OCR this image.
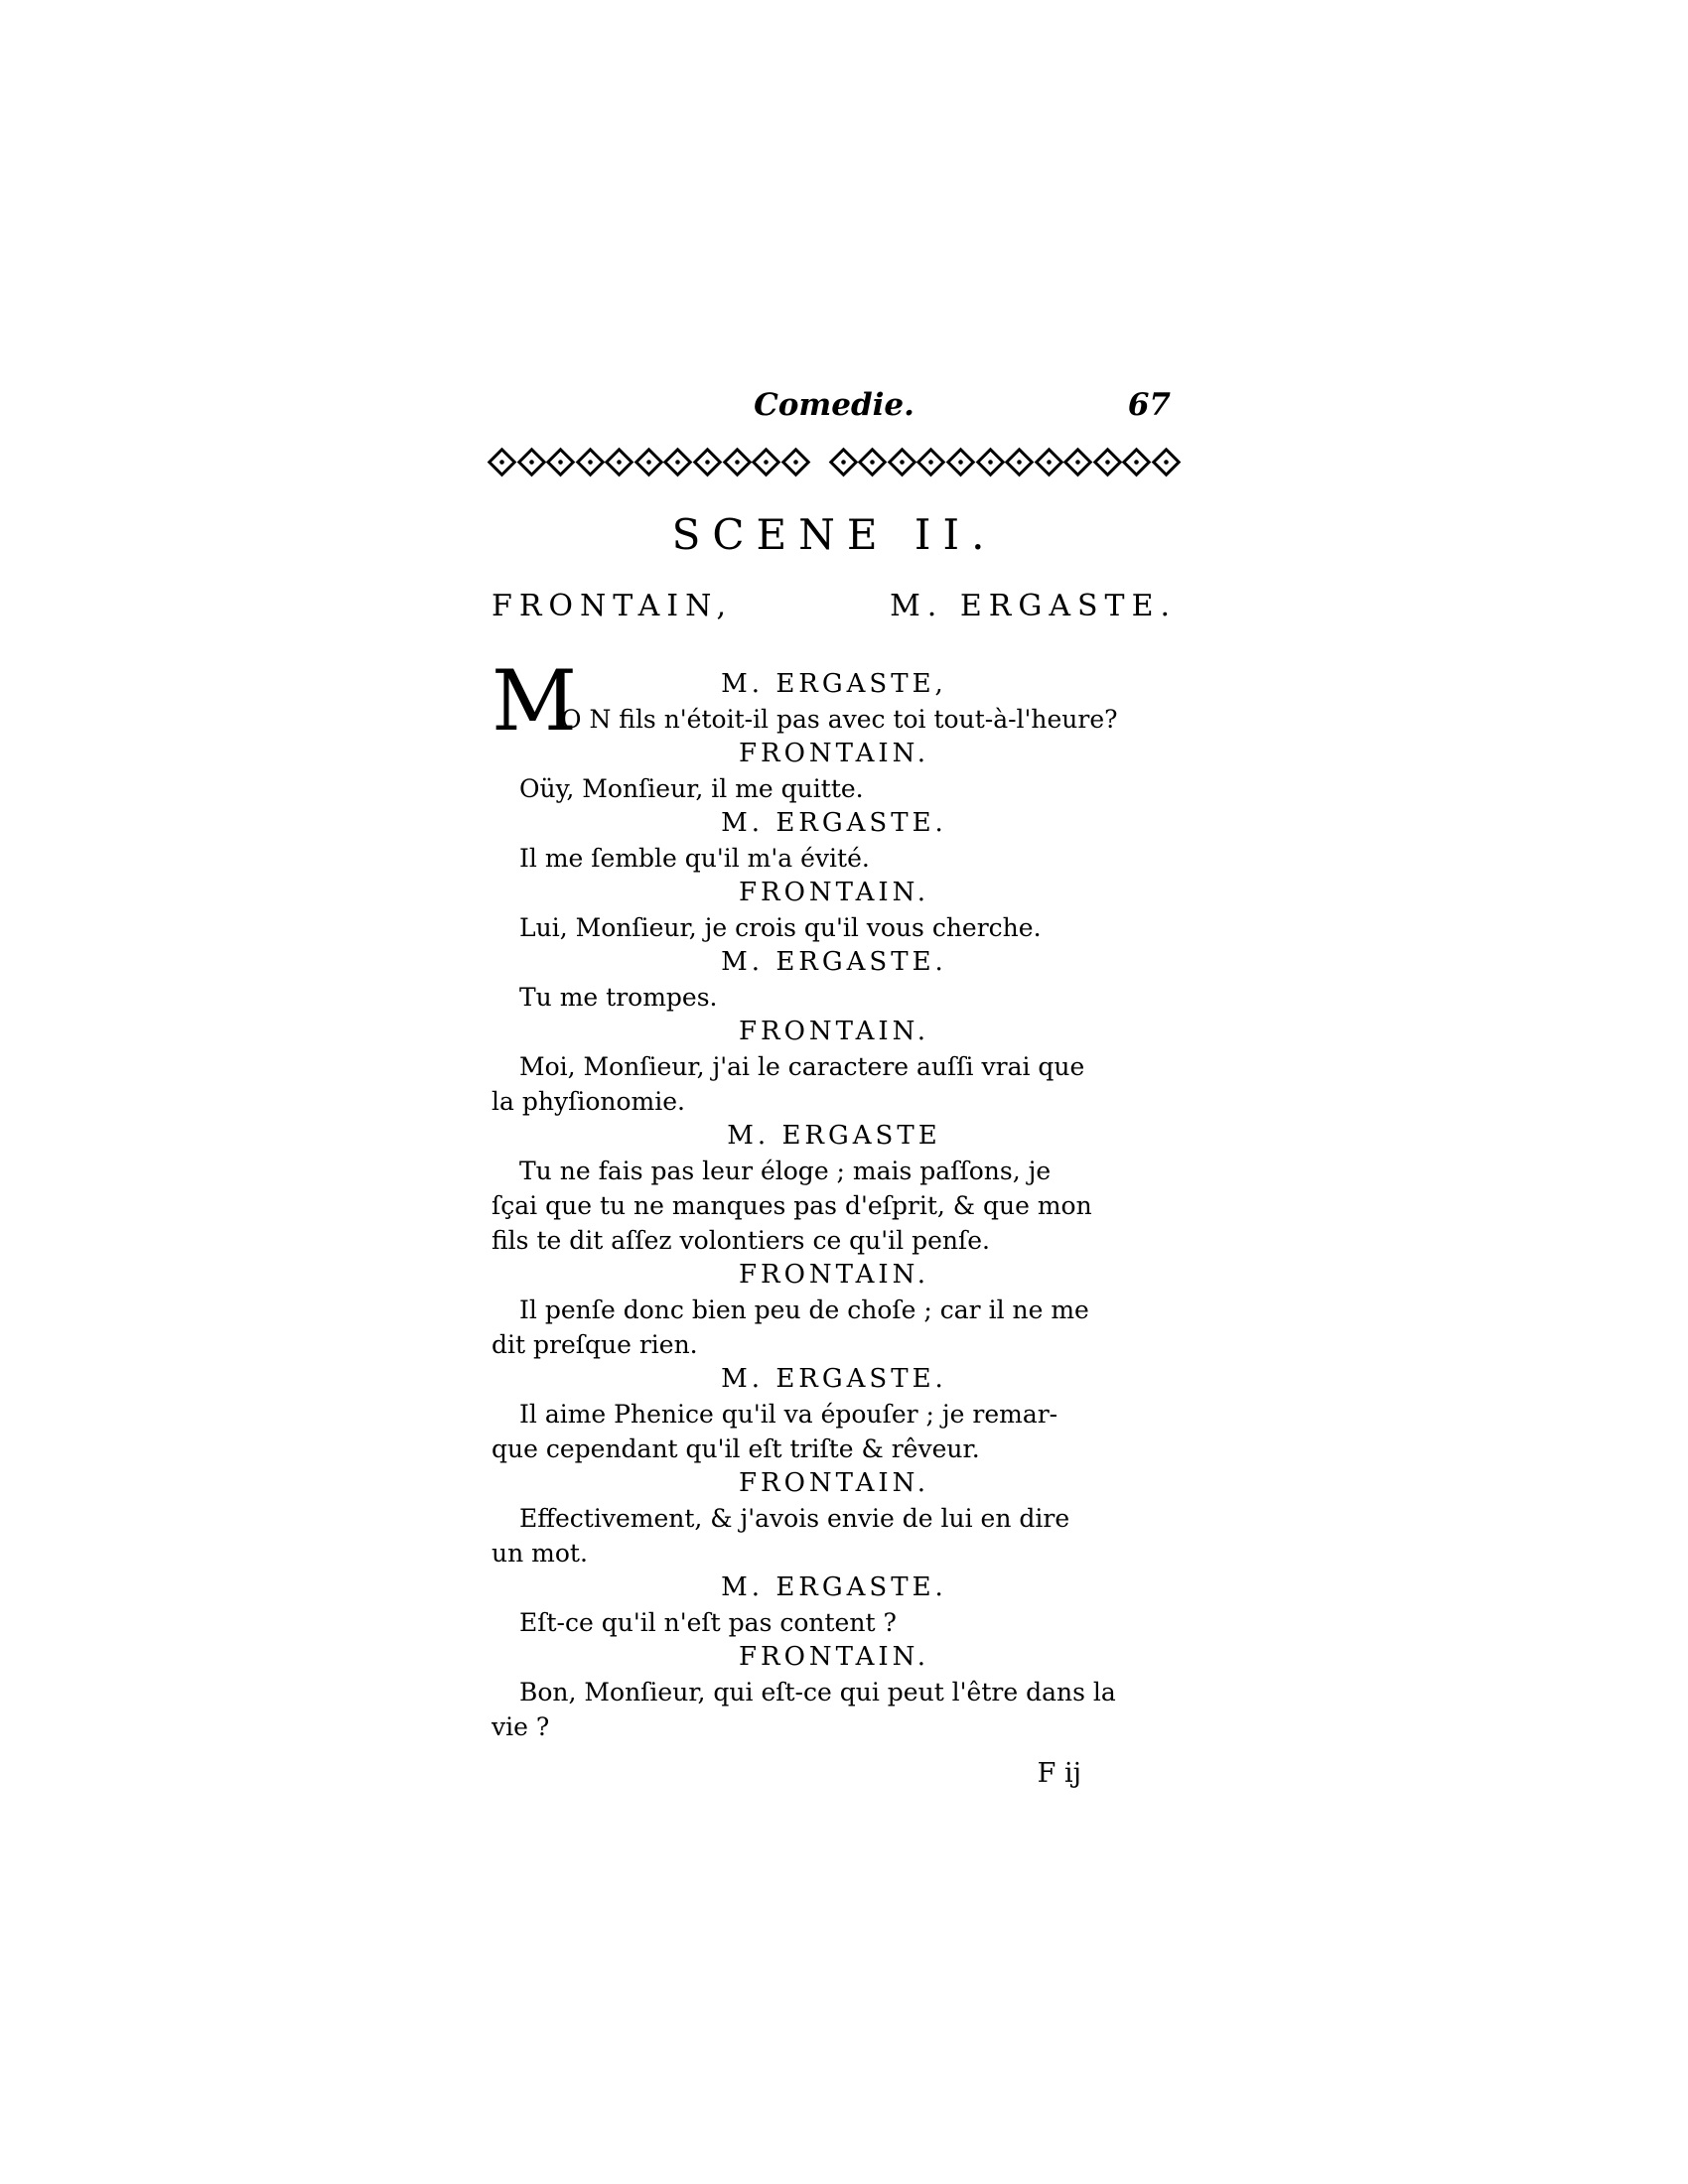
Comedie.	67
SCENE II.
FRONTAIN,	M. ERGASTE.
M	M. ERGASTE,
O N fils n'étoit-il pas avec toi tout-à-l'heure?
FRONTAIN.
Oüy, Monſieur, il me quitte.
M. ERGASTE.
Il me ſemble qu'il m'a évité.
FRONTAIN.
Lui, Monſieur, je crois qu'il vous cherche.
M. ERGASTE.
Tu me trompes.
FRONTAIN.
Moi, Monſieur, j'ai le caractere auſſi vrai que
la phyſionomie.
M. ERGASTE
Tu ne fais pas leur éloge ; mais paſſons, je
ſçai que tu ne manques pas d'eſprit, & que mon
fils te dit aſſez volontiers ce qu'il penſe.
FRONTAIN.
Il penſe donc bien peu de choſe ; car il ne me
dit preſque rien.
M. ERGASTE.
Il aime Phenice qu'il va épouſer ; je remar-
que cependant qu'il eſt triſte & rêveur.
FRONTAIN.
Effectivement, & j'avois envie de lui en dire
un mot.
M. ERGASTE.
Eſt-ce qu'il n'eſt pas content ?
FRONTAIN.
Bon, Monſieur, qui eſt-ce qui peut l'être dans la
vie ?
F ij
